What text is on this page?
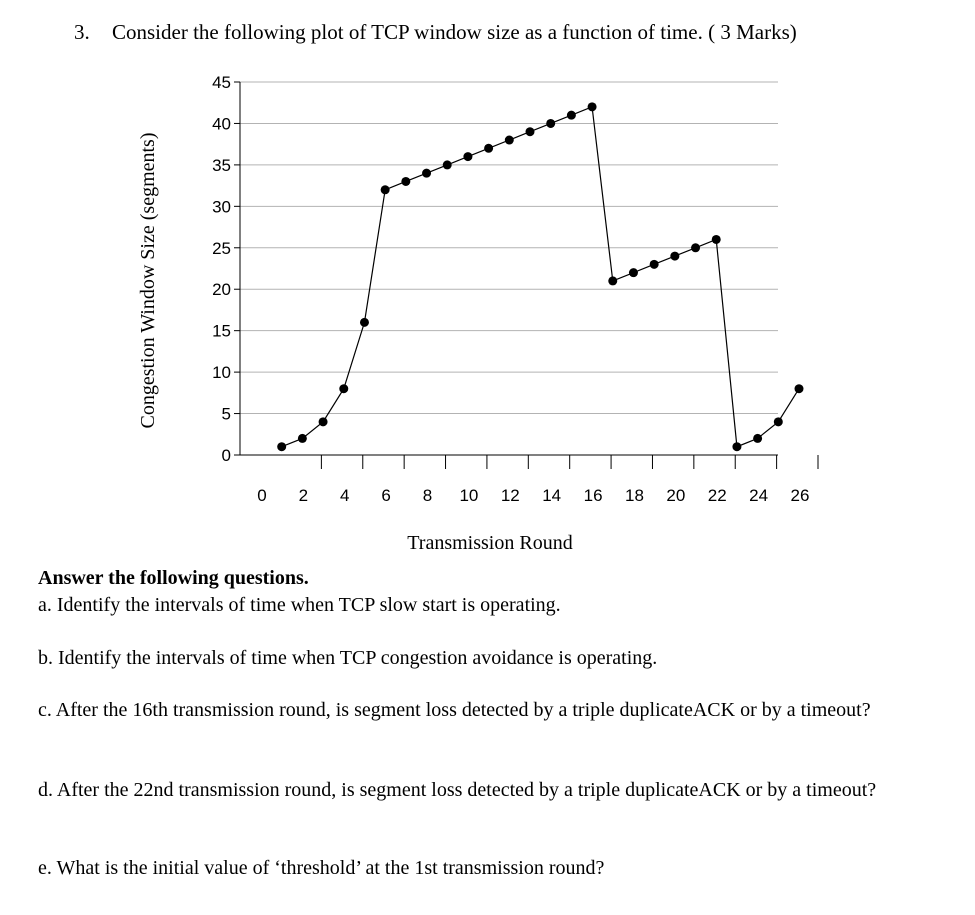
3. Consider the following plot of TCP window size as a function of time. ( 3 Marks)
0
5
10
15
20
25
30
35
40
45
0 2 4 6 8 10 12 14 16 18 20 22 24 26
Transmission Round
Congestion Window Size (segments)
Answer the following questions.
a. Identify the intervals of time when TCP slow start is operating.
b. Identify the intervals of time when TCP congestion avoidance is operating.
c. After the 16th transmission round, is segment loss detected by a triple duplicateACK or by a timeout?
d. After the 22nd transmission round, is segment loss detected by a triple duplicateACK or by a timeout?
e. What is the initial value of ‘threshold’ at the 1st transmission round?
